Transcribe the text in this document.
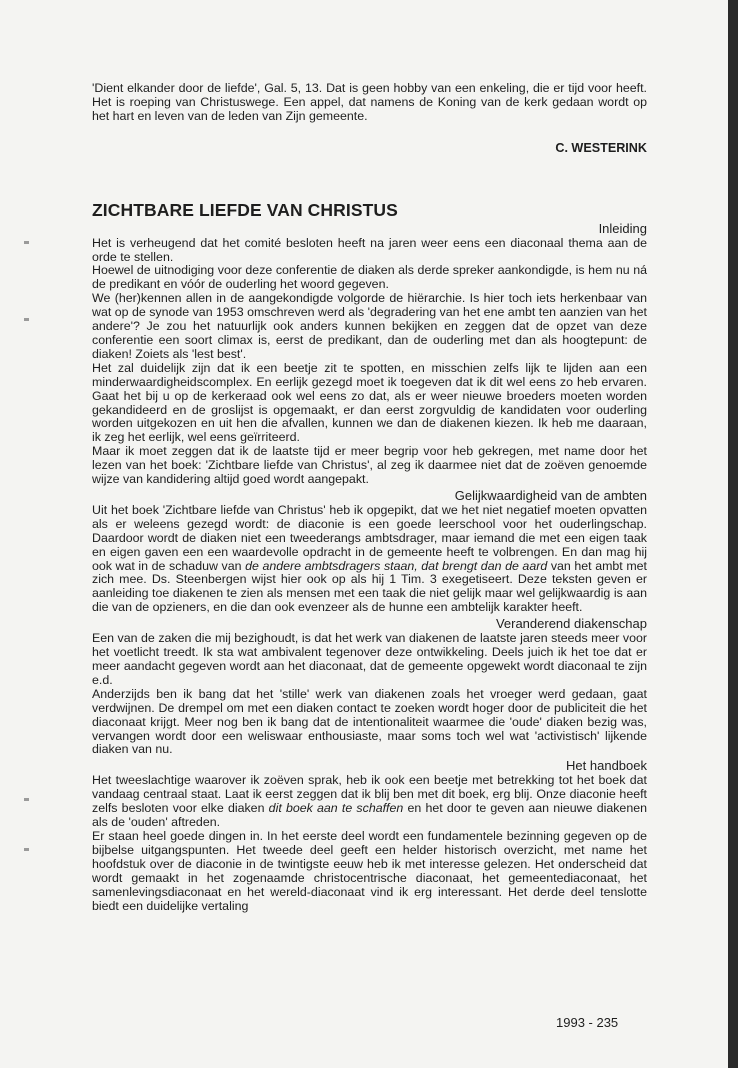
'Dient elkander door de liefde', Gal. 5, 13. Dat is geen hobby van een enkeling, die er tijd voor heeft. Het is roeping van Christuswege. Een appel, dat namens de Koning van de kerk gedaan wordt op het hart en leven van de leden van Zijn gemeente.

C. WESTERINK
ZICHTBARE LIEFDE VAN CHRISTUS
Inleiding

Het is verheugend dat het comité besloten heeft na jaren weer eens een diaconaal thema aan de orde te stellen.

Hoewel de uitnodiging voor deze conferentie de diaken als derde spreker aankondigde, is hem nu ná de predikant en vóór de ouderling het woord gegeven.

We (her)kennen allen in de aangekondigde volgorde de hiërarchie. Is hier toch iets herkenbaar van wat op de synode van 1953 omschreven werd als 'degradering van het ene ambt ten aanzien van het andere'? Je zou het natuurlijk ook anders kunnen bekijken en zeggen dat de opzet van deze conferentie een soort climax is, eerst de predikant, dan de ouderling met dan als hoogtepunt: de diaken! Zoiets als 'lest best'.

Het zal duidelijk zijn dat ik een beetje zit te spotten, en misschien zelfs lijk te lijden aan een minderwaardigheidscomplex. En eerlijk gezegd moet ik toegeven dat ik dit wel eens zo heb ervaren. Gaat het bij u op de kerkeraad ook wel eens zo dat, als er weer nieuwe broeders moeten worden gekandideerd en de groslijst is opgemaakt, er dan eerst zorgvuldig de kandidaten voor ouderling worden uitgekozen en uit hen die afvallen, kunnen we dan de diakenen kiezen. Ik heb me daaraan, ik zeg het eerlijk, wel eens geïrriteerd.

Maar ik moet zeggen dat ik de laatste tijd er meer begrip voor heb gekregen, met name door het lezen van het boek: 'Zichtbare liefde van Christus', al zeg ik daarmee niet dat de zoëven genoemde wijze van kandidering altijd goed wordt aangepakt.

Gelijkwaardigheid van de ambten

Uit het boek 'Zichtbare liefde van Christus' heb ik opgepikt, dat we het niet negatief moeten opvatten als er weleens gezegd wordt: de diaconie is een goede leerschool voor het ouderlingschap. Daardoor wordt de diaken niet een tweederangs ambtsdrager, maar iemand die met een eigen taak en eigen gaven een een waardevolle opdracht in de gemeente heeft te volbrengen. En dan mag hij ook wat in de schaduw van de andere ambtsdragers staan, dat brengt dan de aard van het ambt met zich mee. Ds. Steenbergen wijst hier ook op als hij 1 Tim. 3 exegetiseert. Deze teksten geven er aanleiding toe diakenen te zien als mensen met een taak die niet gelijk maar wel gelijkwaardig is aan die van de opzieners, en die dan ook evenzeer als de hunne een ambtelijk karakter heeft.

Veranderend diakenschap

Een van de zaken die mij bezighoudt, is dat het werk van diakenen de laatste jaren steeds meer voor het voetlicht treedt. Ik sta wat ambivalent tegenover deze ontwikkeling. Deels juich ik het toe dat er meer aandacht gegeven wordt aan het diaconaat, dat de gemeente opgewekt wordt diaconaal te zijn e.d.

Anderzijds ben ik bang dat het 'stille' werk van diakenen zoals het vroeger werd gedaan, gaat verdwijnen. De drempel om met een diaken contact te zoeken wordt hoger door de publiciteit die het diaconaat krijgt. Meer nog ben ik bang dat de intentionaliteit waarmee die 'oude' diaken bezig was, vervangen wordt door een weliswaar enthousiaste, maar soms toch wel wat 'activistisch' lijkende diaken van nu.

Het handboek

Het tweeslachtige waarover ik zoëven sprak, heb ik ook een beetje met betrekking tot het boek dat vandaag centraal staat. Laat ik eerst zeggen dat ik blij ben met dit boek, erg blij. Onze diaconie heeft zelfs besloten voor elke diaken dit boek aan te schaffen en het door te geven aan nieuwe diakenen als de 'ouden' aftreden.

Er staan heel goede dingen in. In het eerste deel wordt een fundamentele bezinning gegeven op de bijbelse uitgangspunten. Het tweede deel geeft een helder historisch overzicht, met name het hoofdstuk over de diaconie in de twintigste eeuw heb ik met interesse gelezen. Het onderscheid dat wordt gemaakt in het zogenaamde christocentrische diaconaat, het gemeentediaconaat, het samenlevingsdiaconaat en het wereld-diaconaat vind ik erg interessant. Het derde deel tenslotte biedt een duidelijke vertaling

1993 - 235
